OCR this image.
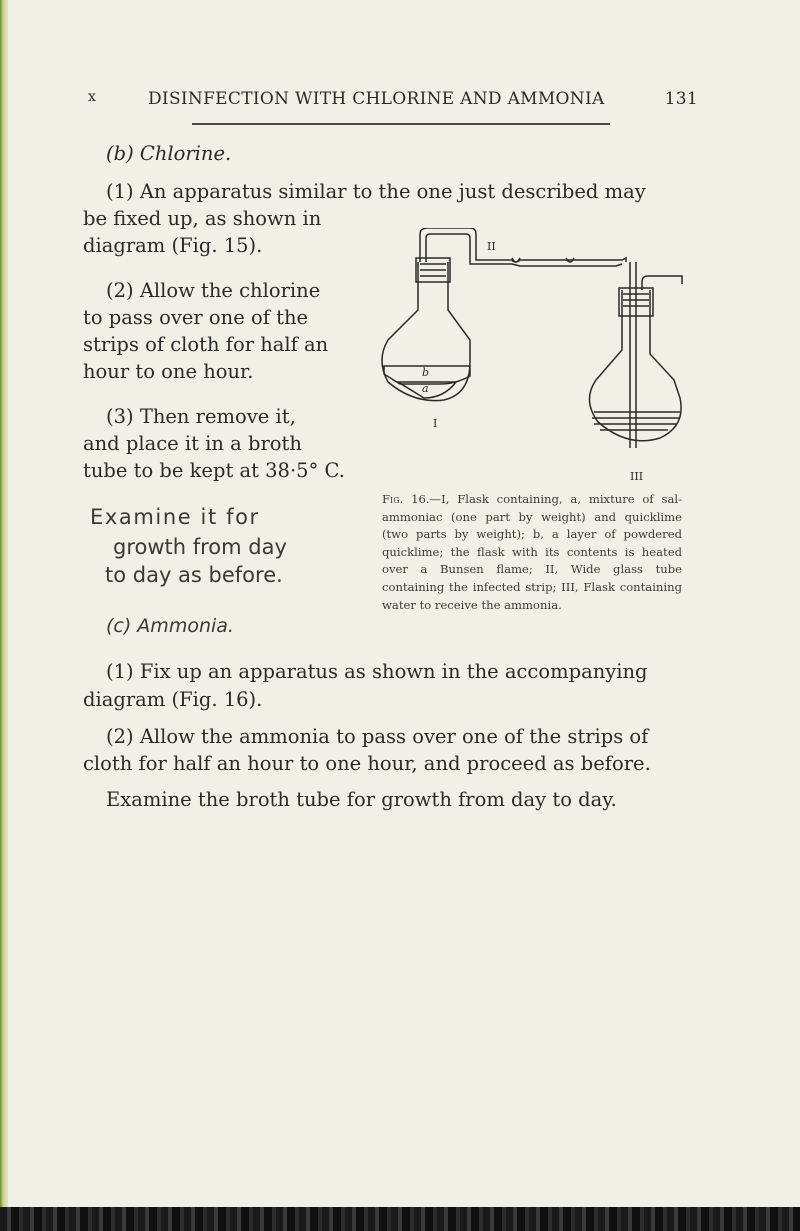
x	DISINFECTION WITH CHLORINE AND AMMONIA	131
(b) Chlorine.
(1) An apparatus similar to the one just described may
be fixed up, as shown in
diagram (Fig. 15).
(2) Allow the chlorine
to pass over one of the
strips of cloth for half an
hour to one hour.
(3) Then remove it,
and place it in a broth
tube to be kept at 38·5° C.
Examine it for
growth from day
to day as before.
(c) Ammonia.
I
II
III
b
a
Fig. 16.—I, Flask containing, a, mixture of sal-ammoniac (one part by weight) and quicklime (two parts by weight); b, a layer of powdered quicklime; the flask with its contents is heated over a Bunsen flame; II, Wide glass tube containing the infected strip; III, Flask containing water to receive the ammonia.
(1) Fix up an apparatus as shown in the accompanying
diagram (Fig. 16).
(2) Allow the ammonia to pass over one of the strips of
cloth for half an hour to one hour, and proceed as before.
Examine the broth tube for growth from day to day.
